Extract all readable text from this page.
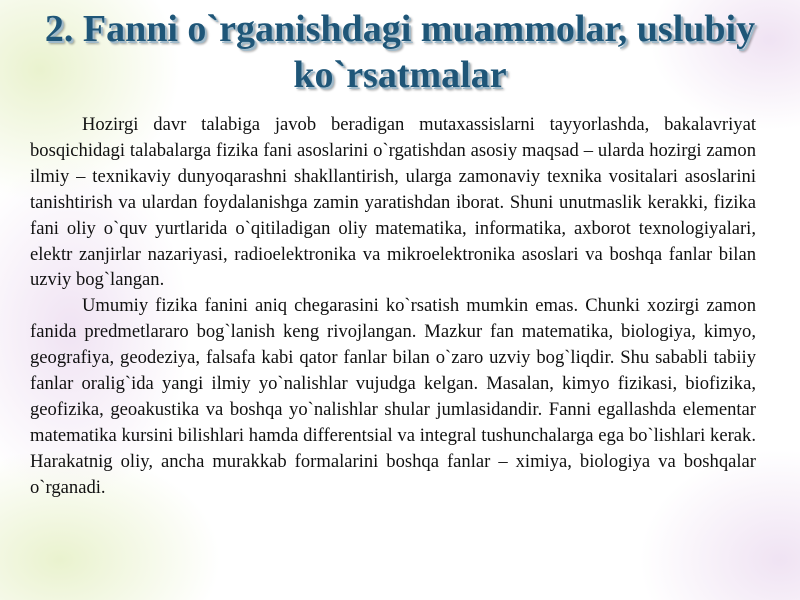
2. Fanni o`rganishdagi muammolar, uslubiy ko`rsatmalar

Hozirgi davr talabiga javob beradigan mutaxassislarni tayyorlashda, bakalavriyat bosqichidagi talabalarga fizika fani asoslarini o`rgatishdan asosiy maqsad – ularda hozirgi zamon ilmiy – texnikaviy dunyoqarashni shakllantirish, ularga zamonaviy texnika vositalari asoslarini tanishtirish va ulardan foydalanishga zamin yaratishdan iborat. Shuni unutmaslik kerakki, fizika fani oliy o`quv yurtlarida o`qitiladigan oliy matematika, informatika, axborot texnologiyalari, elektr zanjirlar nazariyasi, radioelektronika va mikroelektronika asoslari va boshqa fanlar bilan uzviy bog`langan.

Umumiy fizika fanini aniq chegarasini ko`rsatish mumkin emas. Chunki xozirgi zamon fanida predmetlararo bog`lanish keng rivojlangan. Mazkur fan matematika, biologiya, kimyo, geografiya, geodeziya, falsafa kabi qator fanlar bilan o`zaro uzviy bog`liqdir. Shu sababli tabiiy fanlar oralig`ida yangi ilmiy yo`nalishlar vujudga kelgan. Masalan, kimyo fizikasi, biofizika, geofizika, geoakustika va boshqa yo`nalishlar shular jumlasidandir. Fanni egallashda elementar matematika kursini bilishlari hamda differentsial va integral tushunchalarga ega bo`lishlari kerak. Harakatnig oliy, ancha murakkab formalarini boshqa fanlar – ximiya, biologiya va boshqalar o`rganadi.
